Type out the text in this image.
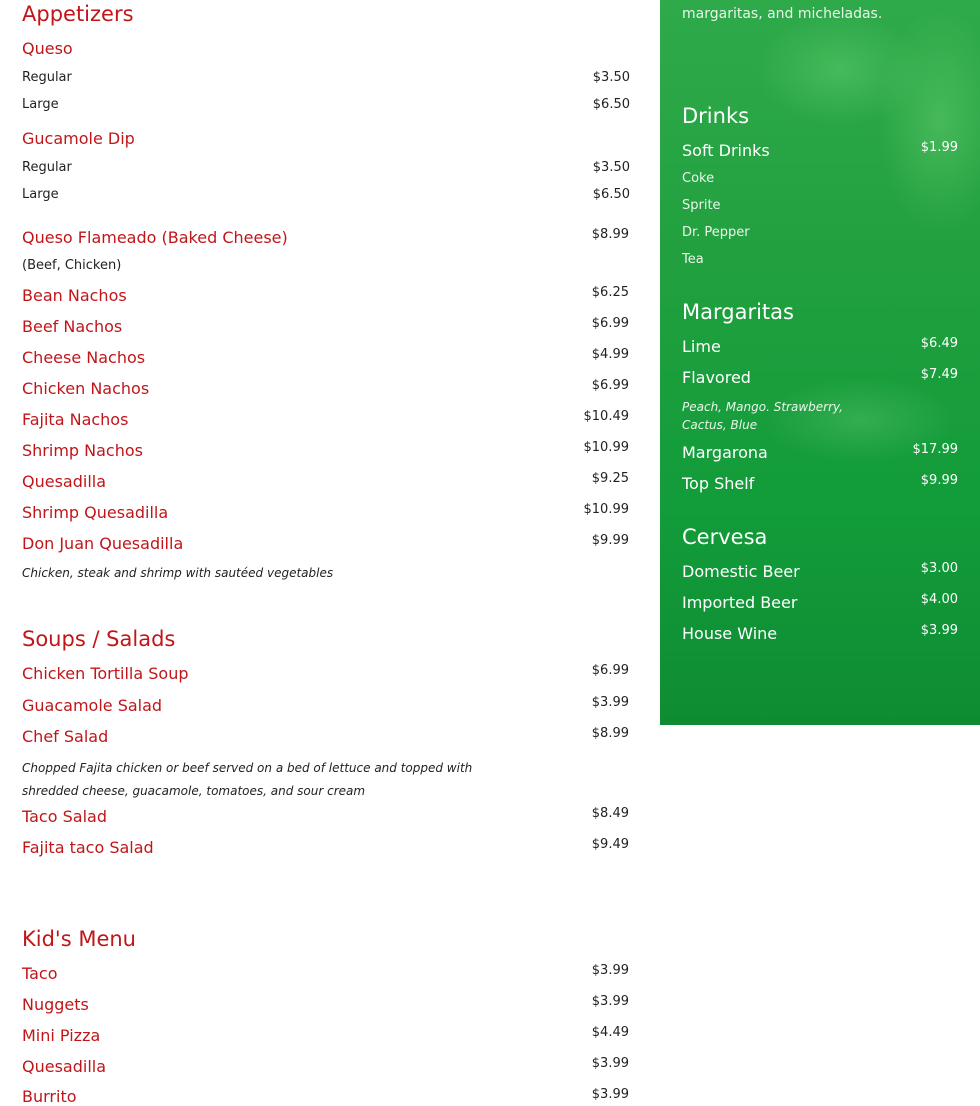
Appetizers
Queso
Regular	$3.50
Large	$6.50
Gucamole Dip
Regular	$3.50
Large	$6.50
Queso Flameado (Baked Cheese)	$8.99
(Beef, Chicken)
Bean Nachos	$6.25
Beef Nachos	$6.99
Cheese Nachos	$4.99
Chicken Nachos	$6.99
Fajita Nachos	$10.49
Shrimp Nachos	$10.99
Quesadilla	$9.25
Shrimp Quesadilla	$10.99
Don Juan Quesadilla	$9.99
Chicken, steak and shrimp with sautéed vegetables
Soups / Salads
Chicken Tortilla Soup	$6.99
Guacamole Salad	$3.99
Chef Salad	$8.99
Chopped Fajita chicken or beef served on a bed of lettuce and topped with shredded cheese, guacamole, tomatoes, and sour cream
Taco Salad	$8.49
Fajita taco Salad	$9.49
Kid's Menu
Taco	$3.99
Nuggets	$3.99
Mini Pizza	$4.49
Quesadilla	$3.99
Burrito	$3.99
margaritas, and micheladas.
Drinks
Soft Drinks	$1.99
Coke
Sprite
Dr. Pepper
Tea
Margaritas
Lime	$6.49
Flavored	$7.49
Peach, Mango. Strawberry, Cactus, Blue
Margarona	$17.99
Top Shelf	$9.99
Cervesa
Domestic Beer	$3.00
Imported Beer	$4.00
House Wine	$3.99
